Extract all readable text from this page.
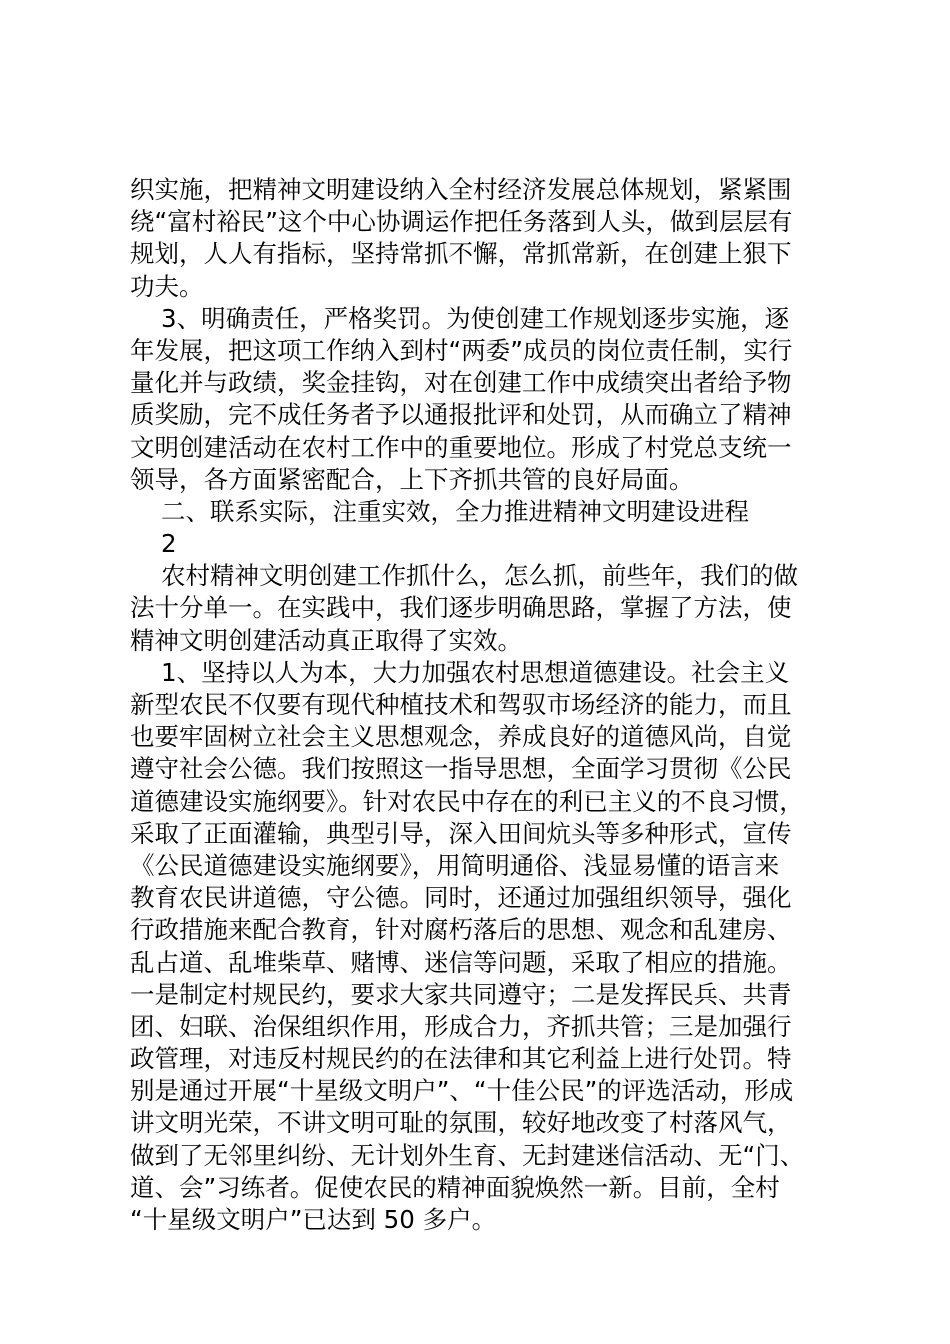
织实施，把精神文明建设纳入全村经济发展总体规划，紧紧围
绕“富村裕民”这个中心协调运作把任务落到人头，做到层层有
规划，人人有指标，坚持常抓不懈，常抓常新，在创建上狠下
功夫。
3、明确责任，严格奖罚。为使创建工作规划逐步实施，逐
年发展，把这项工作纳入到村“两委”成员的岗位责任制，实行
量化并与政绩，奖金挂钩，对在创建工作中成绩突出者给予物
质奖励，完不成任务者予以通报批评和处罚，从而确立了精神
文明创建活动在农村工作中的重要地位。形成了村党总支统一
领导，各方面紧密配合，上下齐抓共管的良好局面。
二、联系实际，注重实效，全力推进精神文明建设进程
2
农村精神文明创建工作抓什么，怎么抓，前些年，我们的做
法十分单一。在实践中，我们逐步明确思路，掌握了方法，使
精神文明创建活动真正取得了实效。
1、坚持以人为本，大力加强农村思想道德建设。社会主义
新型农民不仅要有现代种植技术和驾驭市场经济的能力，而且
也要牢固树立社会主义思想观念，养成良好的道德风尚，自觉
遵守社会公德。我们按照这一指导思想，全面学习贯彻《公民
道德建设实施纲要》。针对农民中存在的利已主义的不良习惯，
采取了正面灌输，典型引导，深入田间炕头等多种形式，宣传
《公民道德建设实施纲要》，用简明通俗、浅显易懂的语言来
教育农民讲道德，守公德。同时，还通过加强组织领导，强化
行政措施来配合教育，针对腐朽落后的思想、观念和乱建房、
乱占道、乱堆柴草、赌博、迷信等问题，采取了相应的措施。
一是制定村规民约，要求大家共同遵守；二是发挥民兵、共青
团、妇联、治保组织作用，形成合力，齐抓共管；三是加强行
政管理，对违反村规民约的在法律和其它利益上进行处罚。特
别是通过开展“十星级文明户”、“十佳公民”的评选活动，形成
讲文明光荣，不讲文明可耻的氛围，较好地改变了村落风气，
做到了无邻里纠纷、无计划外生育、无封建迷信活动、无“门、
道、会”习练者。促使农民的精神面貌焕然一新。目前，全村
“十星级文明户”已达到 50 多户。
